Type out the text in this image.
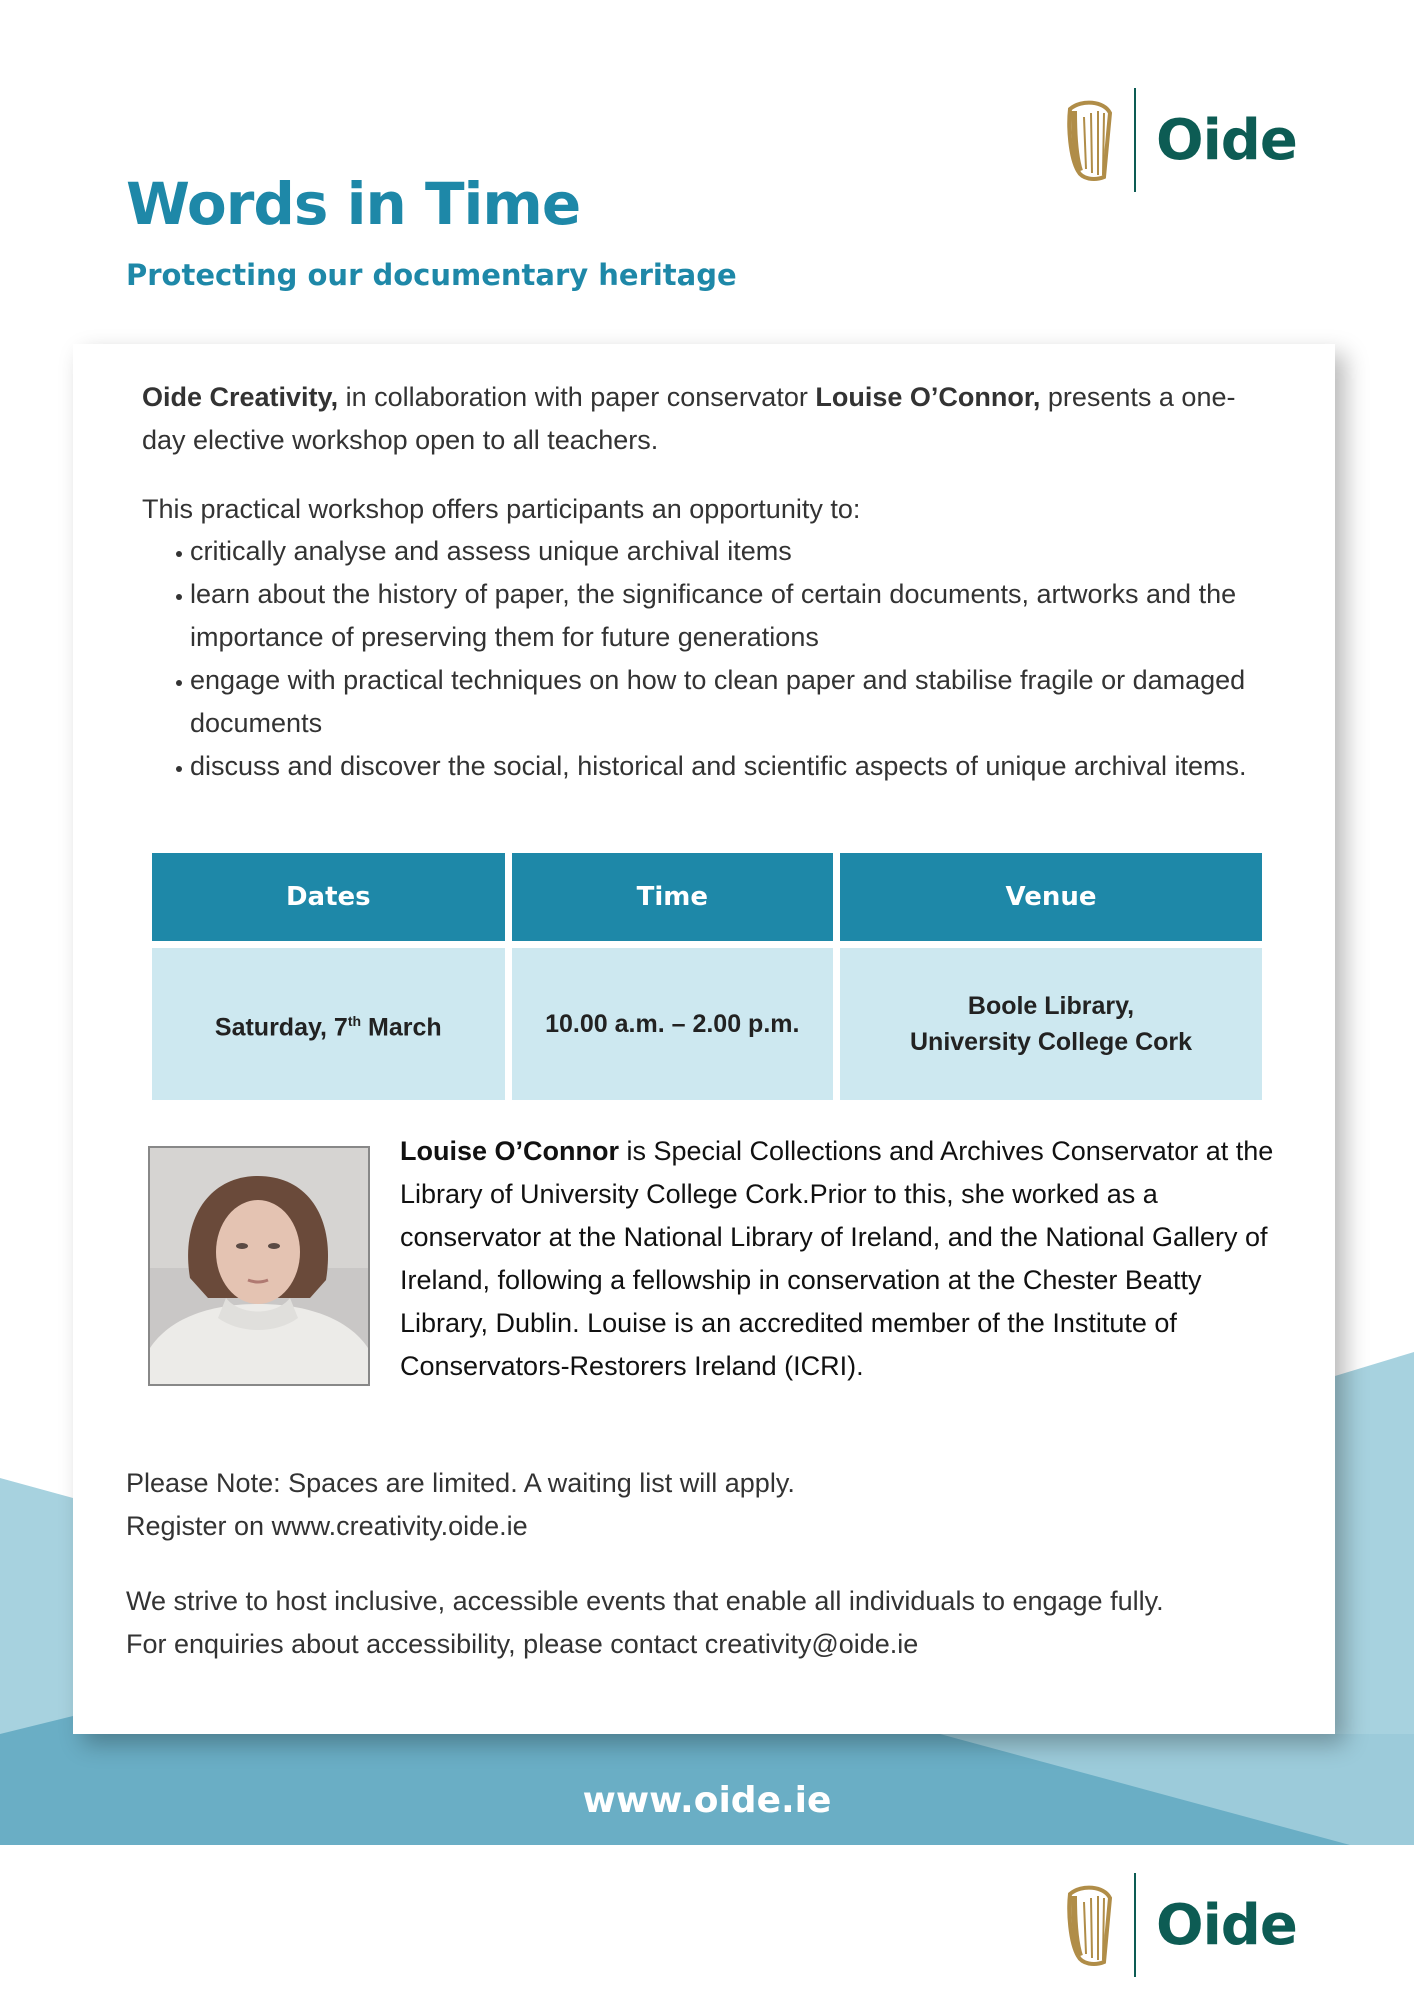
Oide
Words in Time
Protecting our documentary heritage

Oide Creativity, in collaboration with paper conservator Louise O’Connor, presents a one-day elective workshop open to all teachers.

This practical workshop offers participants an opportunity to:

critically analyse and assess unique archival items
learn about the history of paper, the significance of certain documents, artworks and the importance of preserving them for future generations
engage with practical techniques on how to clean paper and stabilise fragile or damaged documents
discuss and discover the social, historical and scientific aspects of unique archival items.
Dates	Time	Venue
Saturday, 7th March	10.00 a.m. – 2.00 p.m.	Boole Library,
University College Cork

Louise O’Connor is Special Collections and Archives Conservator at the Library of University College Cork.Prior to this, she worked as a conservator at the National Library of Ireland, and the National Gallery of Ireland, following a fellowship in conservation at the Chester Beatty Library, Dublin. Louise is an accredited member of the Institute of Conservators-Restorers Ireland (ICRI).

Please Note: Spaces are limited. A waiting list will apply.
Register on www.creativity.oide.ie

We strive to host inclusive, accessible events that enable all individuals to engage fully.
For enquiries about accessibility, please contact creativity@oide.ie

www.oide.ie
Oide
